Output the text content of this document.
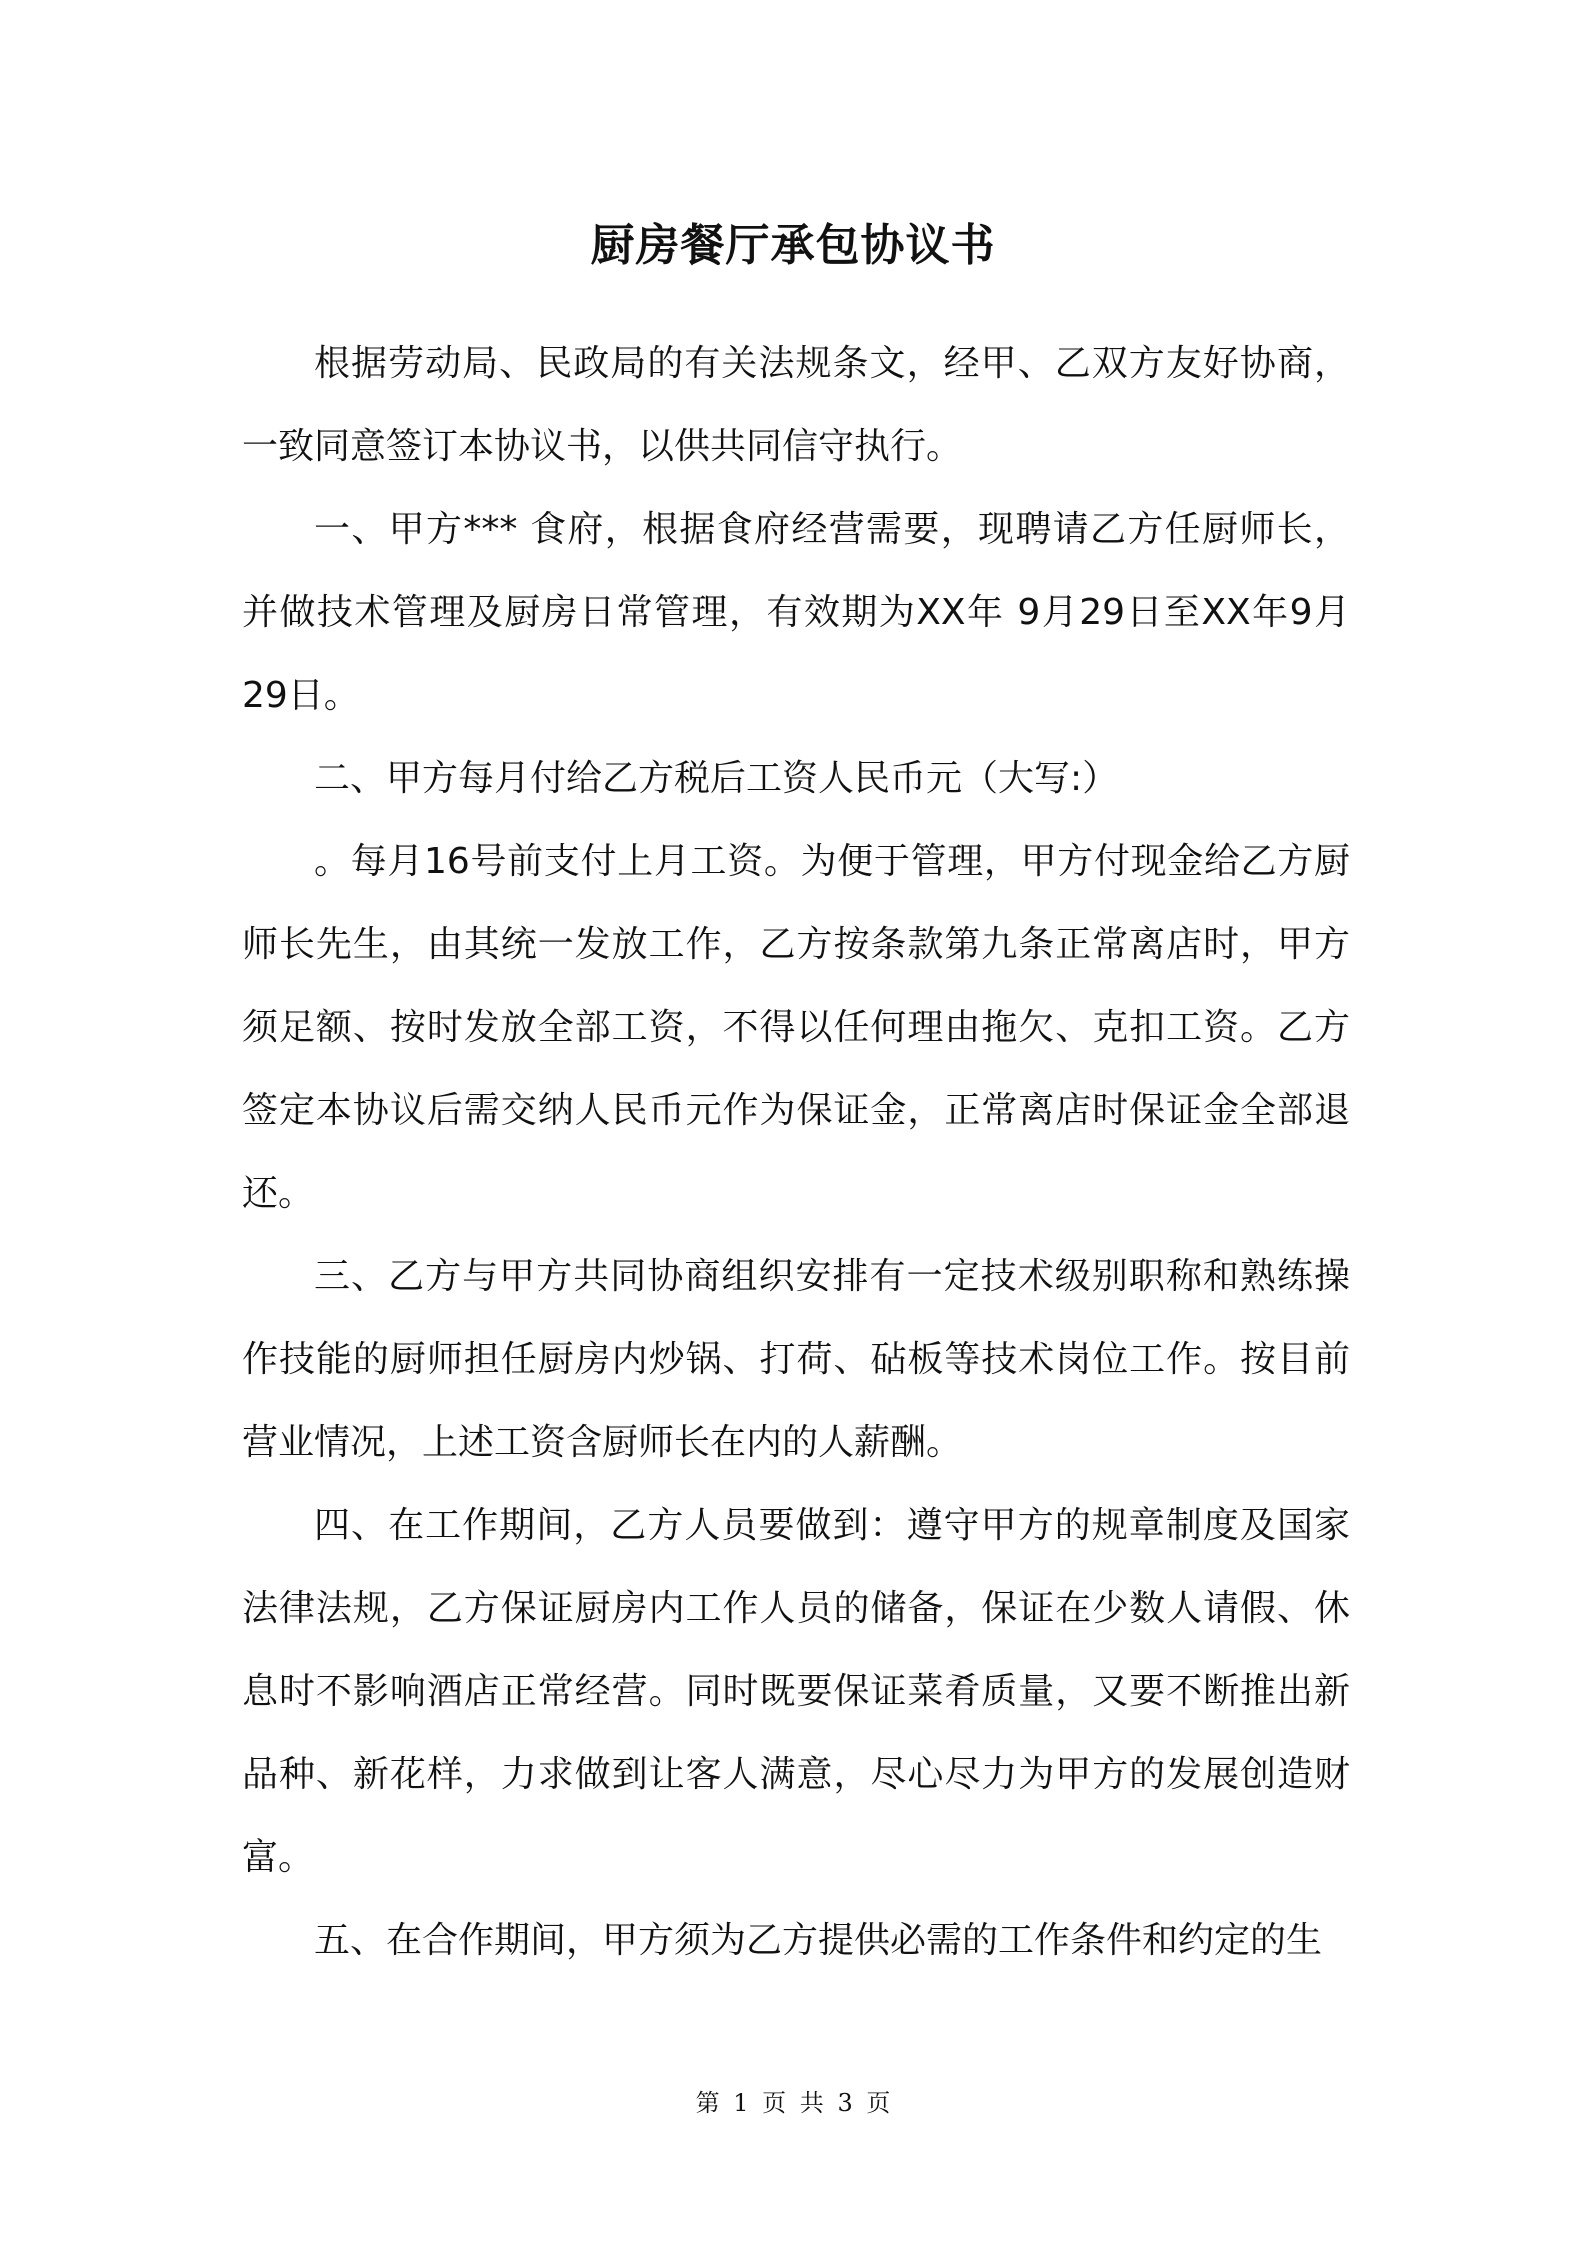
厨房餐厅承包协议书

根据劳动局、民政局的有关法规条文，经甲、乙双方友好协商，一致同意签订本协议书，以供共同信守执行。

一、甲方*** 食府，根据食府经营需要，现聘请乙方任厨师长，并做技术管理及厨房日常管理，有效期为XX年 9月29日至XX年9月29日。

二、甲方每月付给乙方税后工资人民币元（大写:）

。每月16号前支付上月工资。为便于管理，甲方付现金给乙方厨师长先生，由其统一发放工作，乙方按条款第九条正常离店时，甲方须足额、按时发放全部工资，不得以任何理由拖欠、克扣工资。乙方签定本协议后需交纳人民币元作为保证金，正常离店时保证金全部退还。

三、乙方与甲方共同协商组织安排有一定技术级别职称和熟练操作技能的厨师担任厨房内炒锅、打荷、砧板等技术岗位工作。按目前营业情况，上述工资含厨师长在内的人薪酬。

四、在工作期间，乙方人员要做到：遵守甲方的规章制度及国家法律法规，乙方保证厨房内工作人员的储备，保证在少数人请假、休息时不影响酒店正常经营。同时既要保证菜肴质量，又要不断推出新品种、新花样，力求做到让客人满意，尽心尽力为甲方的发展创造财富。

五、在合作期间，甲方须为乙方提供必需的工作条件和约定的生

第 1 页 共 3 页
